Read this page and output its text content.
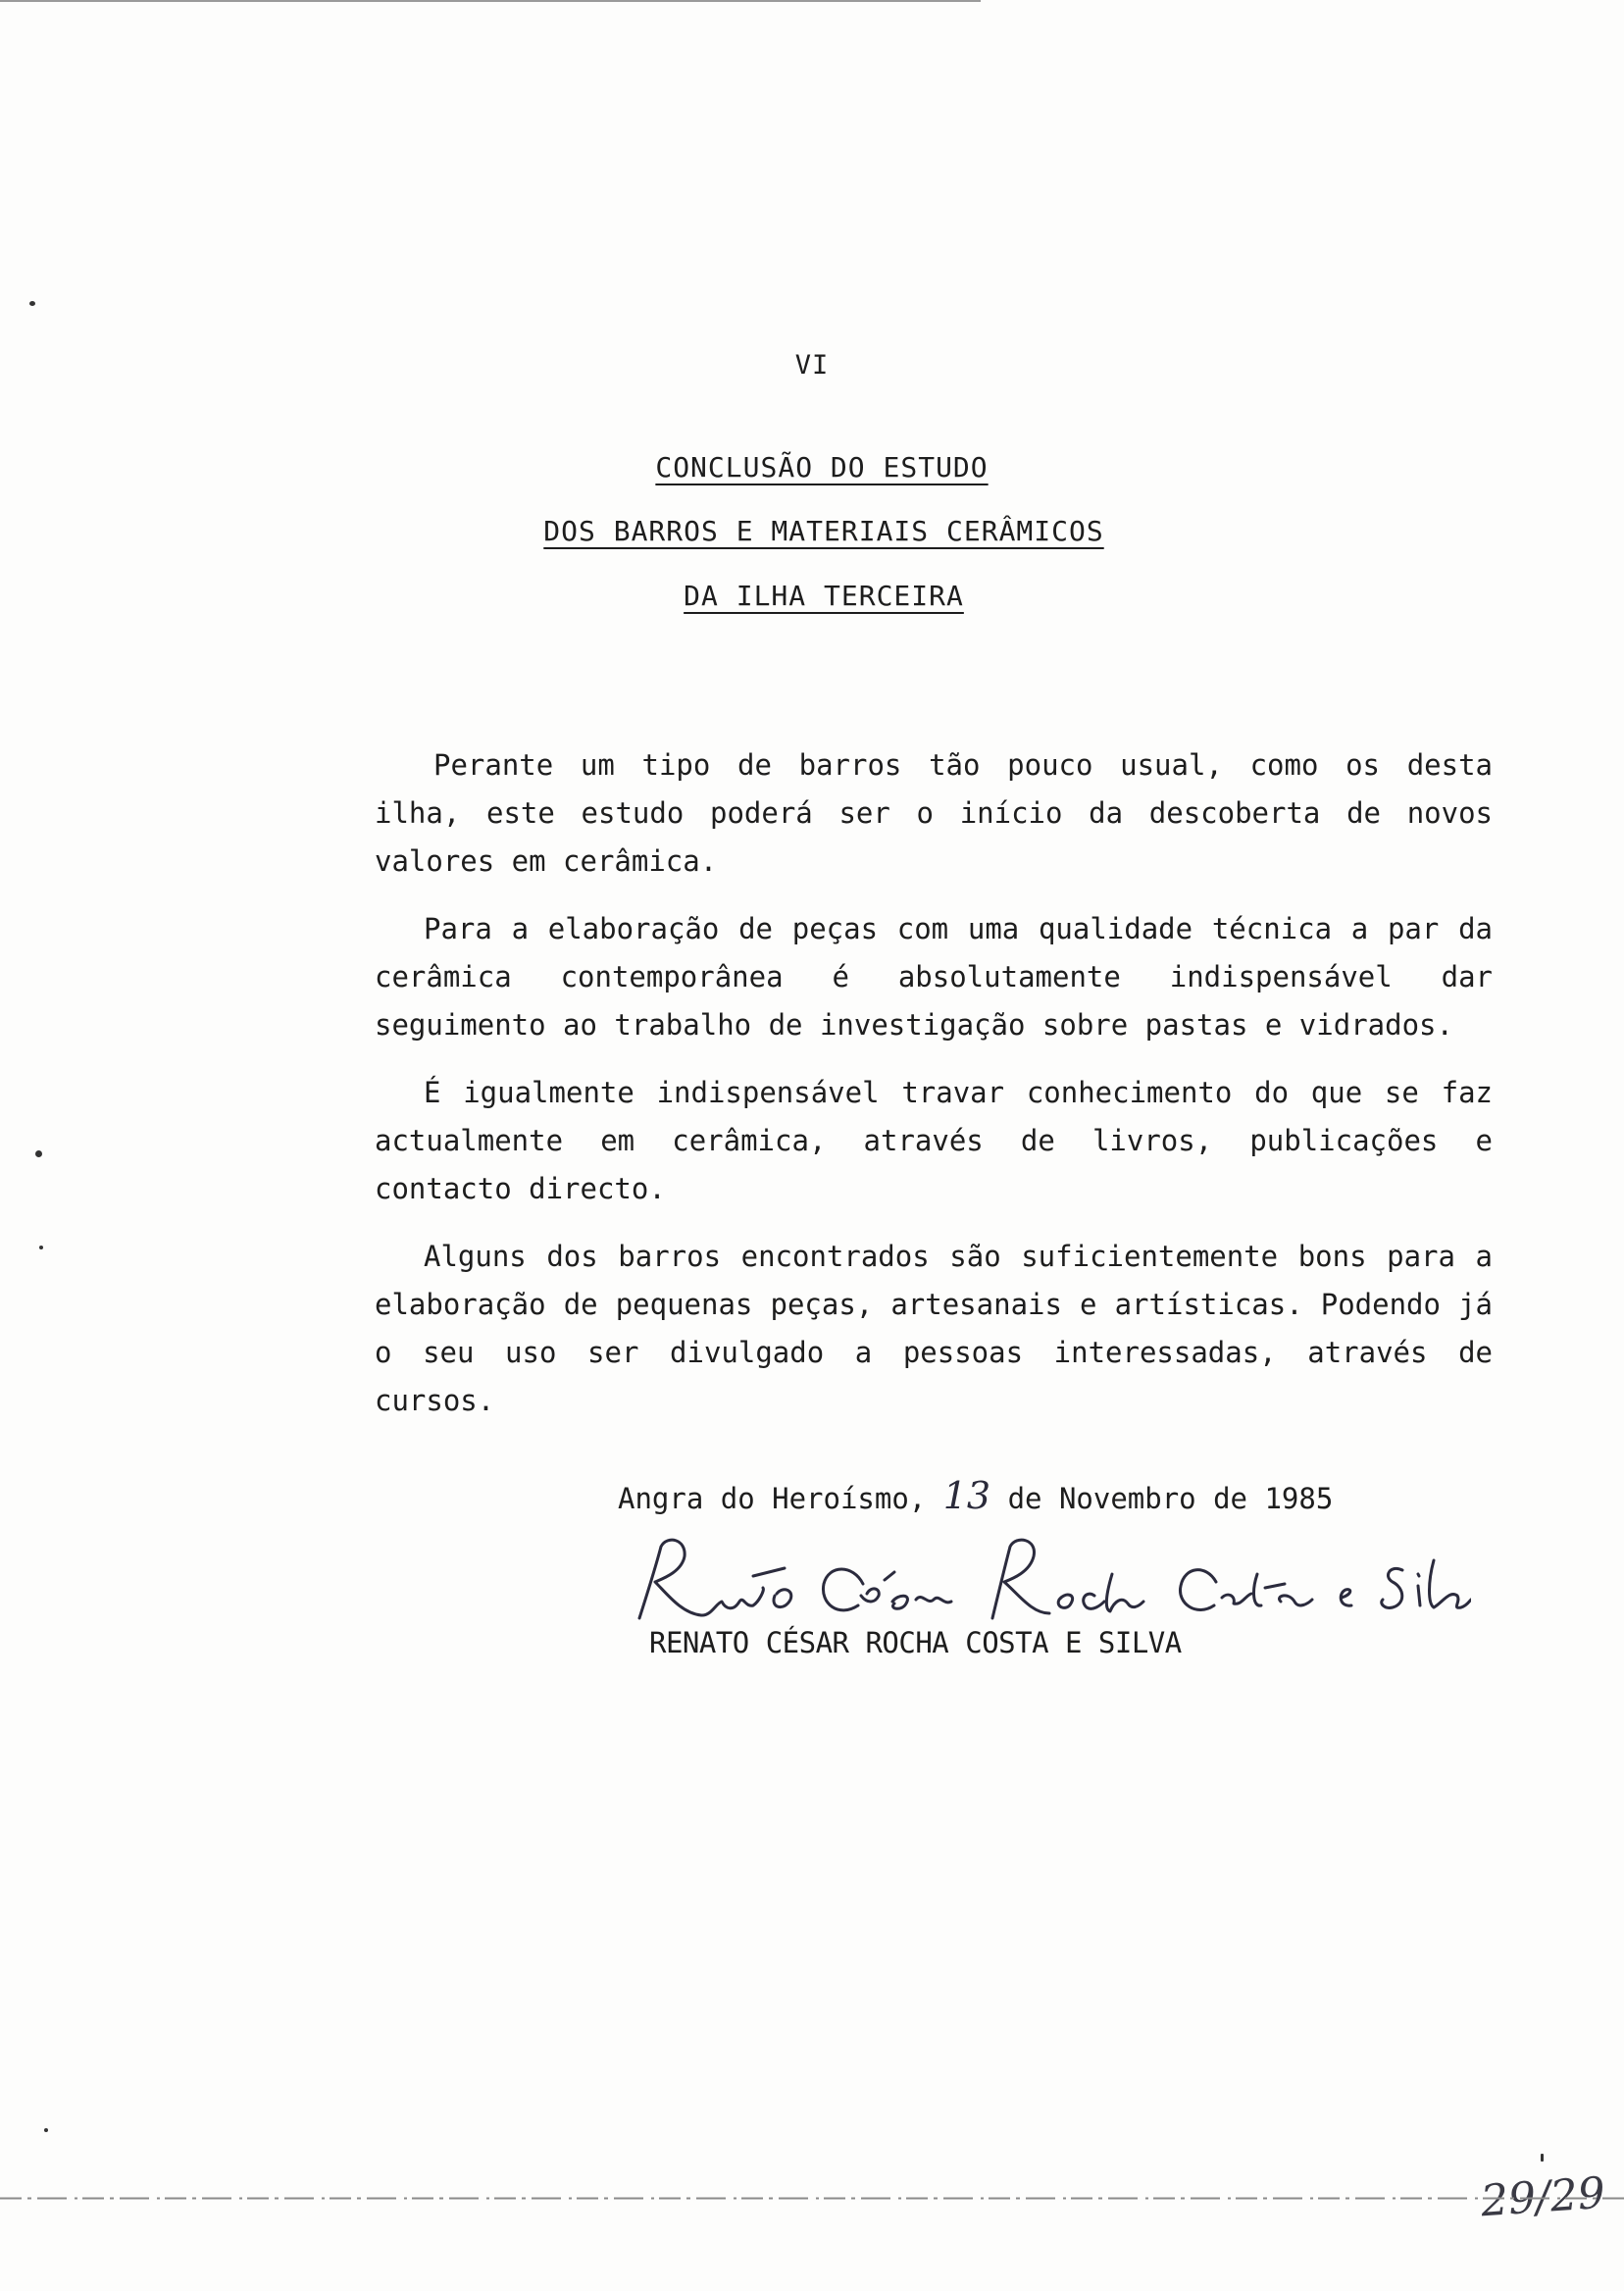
VI
CONCLUSÃO DO ESTUDO
DOS BARROS E MATERIAIS CERÂMICOS
DA ILHA TERCEIRA

Perante um tipo de barros tão pouco usual, como os desta ilha, este estudo poderá ser o início da descoberta de novos valores em cerâmica.

Para a elaboração de peças com uma qualidade técnica a par da cerâmica contemporânea é absolutamente indispensável dar seguimento ao trabalho de investigação sobre pastas e vidrados.

É igualmente indispensável travar conhecimento do que se faz actualmente em cerâmica, através de livros, publicações e contacto directo.

Alguns dos barros encontrados são suficientemente bons para a elaboração de pequenas peças, artesanais e artísticas. Podendo já o seu uso ser divulgado a pessoas interessadas, através de cursos.

Angra do Heroísmo, 13 de Novembro de 1985
RENATO CÉSAR ROCHA COSTA E SILVA
29/29
